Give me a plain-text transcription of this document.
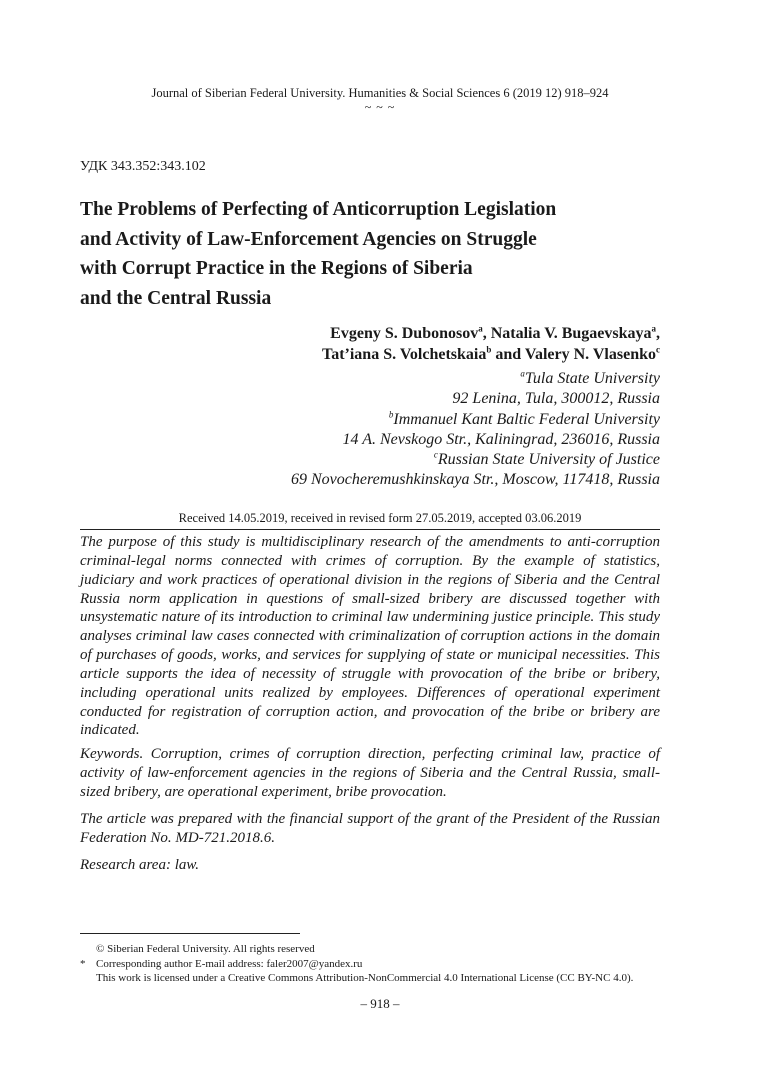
Journal of Siberian Federal University. Humanities & Social Sciences 6 (2019 12) 918–924
~ ~ ~
УДК 343.352:343.102
The Problems of Perfecting of Anticorruption Legislation
and Activity of Law-Enforcement Agencies on Struggle
with Corrupt Practice in the Regions of Siberia
and the Central Russia
Evgeny S. Dubonosov$^a$, Natalia V. Bugaevskaya$^a$,
Tat’iana S. Volchetskaia$^b$ and Valery N. Vlasenko$^c$
$^a$Tula State University
92 Lenina, Tula, 300012, Russia
$^b$Immanuel Kant Baltic Federal University
14 A. Nevskogo Str., Kaliningrad, 236016, Russia
$^c$Russian State University of Justice
69 Novocheremushkinskaya Str., Moscow, 117418, Russia
Received 14.05.2019, received in revised form 27.05.2019, accepted 03.06.2019
The purpose of this study is multidisciplinary research of the amendments to anti-corruption criminal-legal norms connected with crimes of corruption. By the example of statistics, judiciary and work practices of operational division in the regions of Siberia and the Central Russia norm application in questions of small-sized bribery are discussed together with unsystematic nature of its introduction to criminal law undermining justice principle. This study analyses criminal law cases connected with criminalization of corruption actions in the domain of purchases of goods, works, and services for supplying of state or municipal necessities. This article supports the idea of necessity of struggle with provocation of the bribe or bribery, including operational units realized by employees. Differences of operational experiment conducted for registration of corruption action, and provocation of the bribe or bribery are indicated.
Keywords. Corruption, crimes of corruption direction, perfecting criminal law, practice of activity of law-enforcement agencies in the regions of Siberia and the Central Russia, small-sized bribery, are operational experiment, bribe provocation.
The article was prepared with the financial support of the grant of the President of the Russian Federation No. MD-721.2018.6.
Research area: law.
© Siberian Federal University. All rights reserved
* Corresponding author E-mail address: faler2007@yandex.ru
This work is licensed under a Creative Commons Attribution-NonCommercial 4.0 International License (CC BY-NC 4.0).
– 918 –
